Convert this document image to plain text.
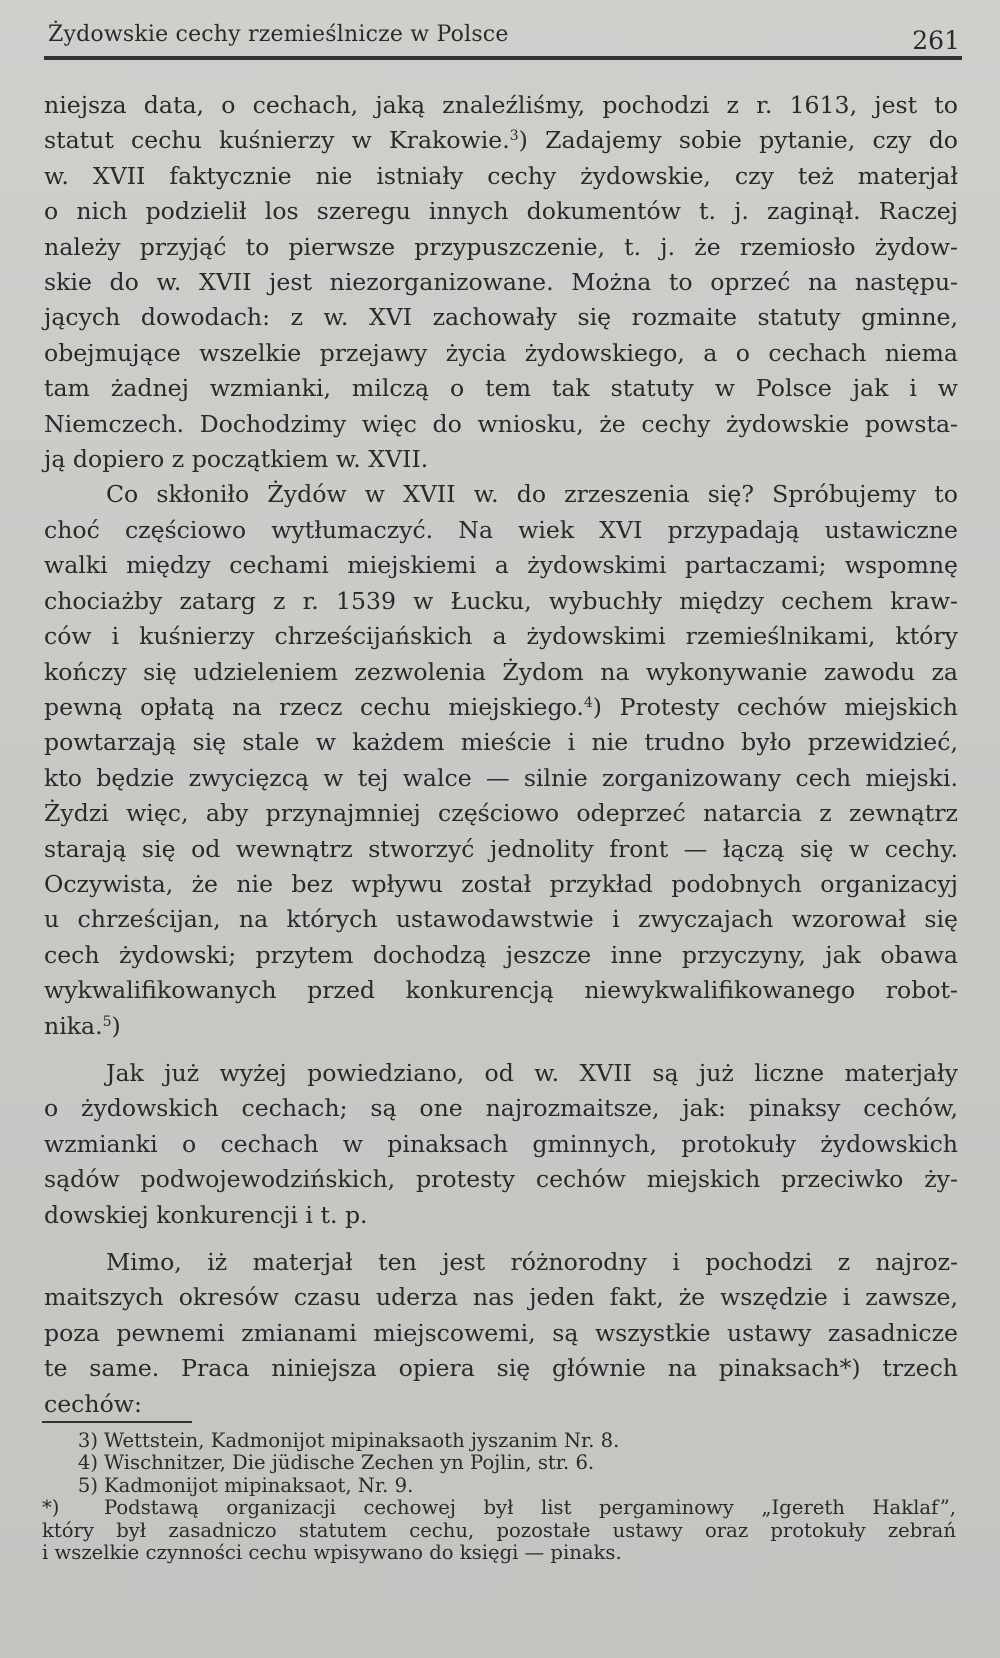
Żydowskie cechy rzemieślnicze w Polsce	261
niejsza data, o cechach, jaką znaleźliśmy, pochodzi z r. 1613, jest to
statut cechu kuśnierzy w Krakowie.$^3$) Zadajemy sobie pytanie, czy do
w. XVII faktycznie nie istniały cechy żydowskie, czy też materjał
o nich podzielił los szeregu innych dokumentów t. j. zaginął. Raczej
należy przyjąć to pierwsze przypuszczenie, t. j. że rzemiosło żydow-
skie do w. XVII jest niezorganizowane. Można to oprzeć na następu-
jących dowodach: z w. XVI zachowały się rozmaite statuty gminne,
obejmujące wszelkie przejawy życia żydowskiego, a o cechach niema
tam żadnej wzmianki, milczą o tem tak statuty w Polsce jak i w
Niemczech. Dochodzimy więc do wniosku, że cechy żydowskie powsta-
ją dopiero z początkiem w. XVII.
Co skłoniło Żydów w XVII w. do zrzeszenia się? Spróbujemy to
choć częściowo wytłumaczyć. Na wiek XVI przypadają ustawiczne
walki między cechami miejskiemi a żydowskimi partaczami; wspomnę
chociażby zatarg z r. 1539 w Łucku, wybuchły między cechem kraw-
ców i kuśnierzy chrześcijańskich a żydowskimi rzemieślnikami, który
kończy się udzieleniem zezwolenia Żydom na wykonywanie zawodu za
pewną opłatą na rzecz cechu miejskiego.$^4$) Protesty cechów miejskich
powtarzają się stale w każdem mieście i nie trudno było przewidzieć,
kto będzie zwycięzcą w tej walce — silnie zorganizowany cech miejski.
Żydzi więc, aby przynajmniej częściowo odeprzeć natarcia z zewnątrz
starają się od wewnątrz stworzyć jednolity front — łączą się w cechy.
Oczywista, że nie bez wpływu został przykład podobnych organizacyj
u chrześcijan, na których ustawodawstwie i zwyczajach wzorował się
cech żydowski; przytem dochodzą jeszcze inne przyczyny, jak obawa
wykwalifikowanych przed konkurencją niewykwalifikowanego robot-
nika.$^5$)
Jak już wyżej powiedziano, od w. XVII są już liczne materjały
o żydowskich cechach; są one najrozmaitsze, jak: pinaksy cechów,
wzmianki o cechach w pinaksach gminnych, protokuły żydowskich
sądów podwojewodzińskich, protesty cechów miejskich przeciwko ży-
dowskiej konkurencji i t. p.
Mimo, iż materjał ten jest różnorodny i pochodzi z najroz-
maitszych okresów czasu uderza nas jeden fakt, że wszędzie i zawsze,
poza pewnemi zmianami miejscowemi, są wszystkie ustawy zasadnicze
te same. Praca niniejsza opiera się głównie na pinaksach*) trzech
cechów:
3) Wettstein, Kadmonijot mipinaksaoth jyszanim Nr. 8.
4) Wischnitzer, Die jüdische Zechen yn Pojlin, str. 6.
5) Kadmonijot mipinaksaot, Nr. 9.
*) Podstawą organizacji cechowej był list pergaminowy „Igereth Haklaf”,
który był zasadniczo statutem cechu, pozostałe ustawy oraz protokuły zebrań
i wszelkie czynności cechu wpisywano do księgi — pinaks.
